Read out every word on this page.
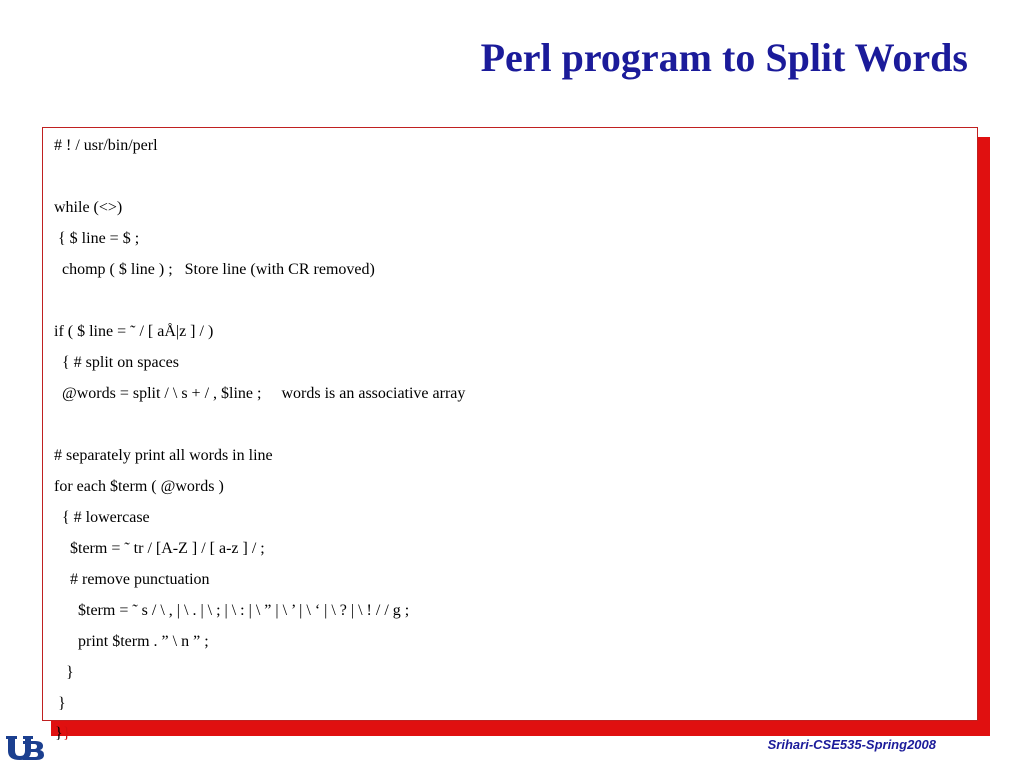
Perl program to Split Words
# ! / usr/bin/perl
while (<>)
{ $ line = $ ;
chomp ( $ line ) ;   Store line (with CR removed)
if ( $ line = ˜ / [ aÅ|z ] / )
{ # split on spaces
@words = split / \ s + / , $line ;     words is an associative array
# separately print all words in line
for each $term ( @words )
{ # lowercase
$term = ˜ tr / [A-Z ] / [ a-z ] / ;
# remove punctuation
$term = ˜ s / \ , | \ . | \ ; | \ : | \ ” | \ ’ | \ ‘ | \ ? | \ ! / / g ;
print $term . ” \ n ” ;
}
}
}}
Srihari-CSE535-Spring2008
